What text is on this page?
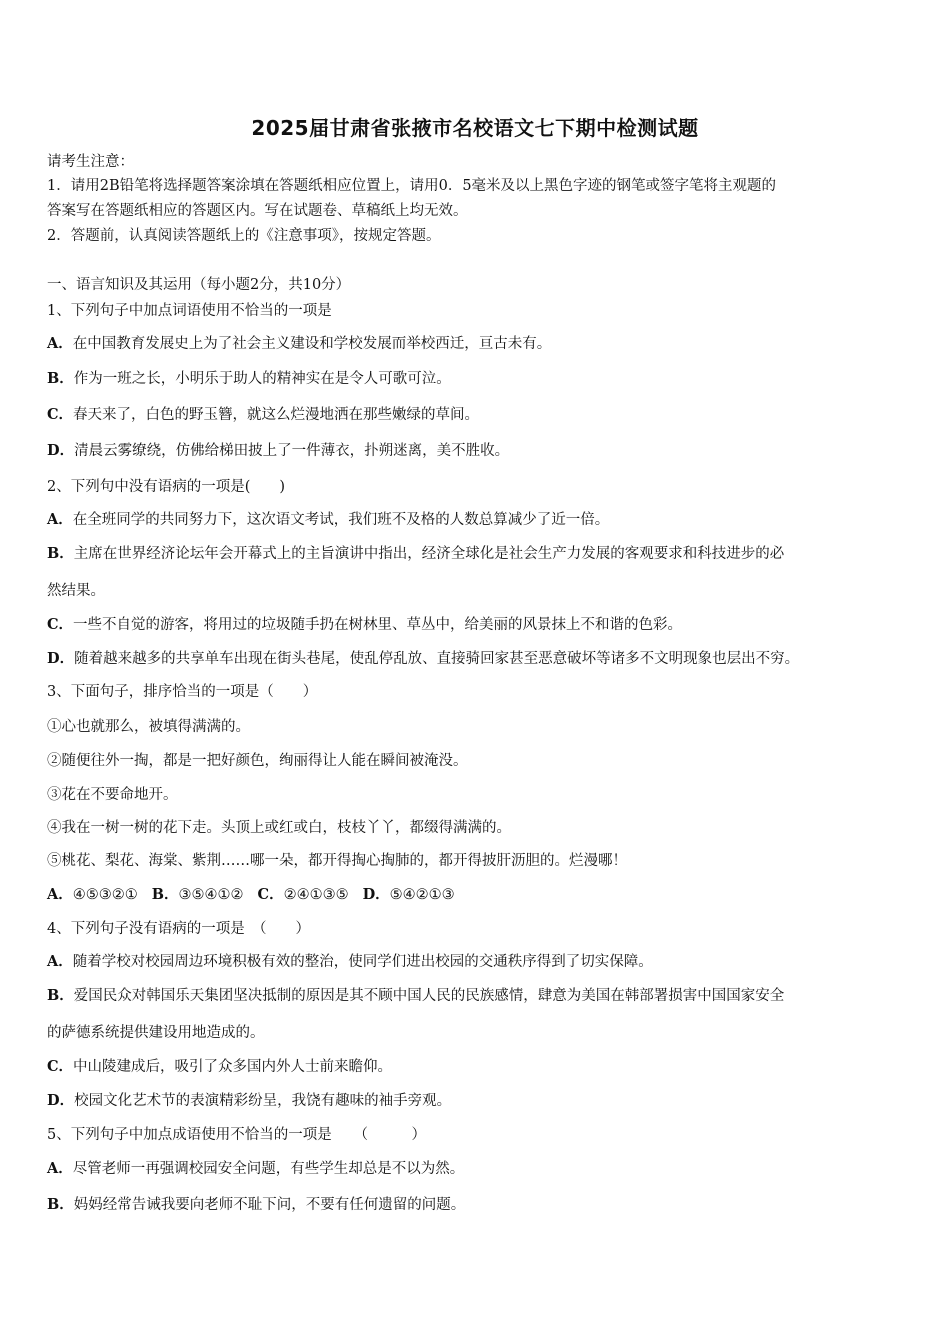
2025届甘肃省张掖市名校语文七下期中检测试题
请考生注意：
1．请用2B铅笔将选择题答案涂填在答题纸相应位置上，请用0．5毫米及以上黑色字迹的钢笔或签字笔将主观题的
答案写在答题纸相应的答题区内。写在试题卷、草稿纸上均无效。
2．答题前，认真阅读答题纸上的《注意事项》，按规定答题。
一、语言知识及其运用（每小题2分，共10分）
1、下列句子中加点词语使用不恰当的一项是
A．在中国教育发展史上为了社会主义建设和学校发展而举校西迁，亘古未有。
B．作为一班之长，小明乐于助人的精神实在是令人可歌可泣。
C．春天来了，白色的野玉簪，就这么烂漫地洒在那些嫩绿的草间。
D．清晨云雾缭绕，仿佛给梯田披上了一件薄衣，扑朔迷离，美不胜收。
2、下列句中没有语病的一项是(　　)
A．在全班同学的共同努力下，这次语文考试，我们班不及格的人数总算减少了近一倍。
B．主席在世界经济论坛年会开幕式上的主旨演讲中指出，经济全球化是社会生产力发展的客观要求和科技进步的必
然结果。
C．一些不自觉的游客，将用过的垃圾随手扔在树林里、草丛中，给美丽的风景抹上不和谐的色彩。
D．随着越来越多的共享单车出现在街头巷尾，使乱停乱放、直接骑回家甚至恶意破坏等诸多不文明现象也层出不穷。
3、下面句子，排序恰当的一项是（　　）
①心也就那么，被填得满满的。
②随便往外一掏，都是一把好颜色，绚丽得让人能在瞬间被淹没。
③花在不要命地开。
④我在一树一树的花下走。头顶上或红或白，枝枝丫丫，都缀得满满的。
⑤桃花、梨花、海棠、紫荆……哪一朵，都开得掏心掏肺的，都开得披肝沥胆的。烂漫哪！
A．④⑤③②① B．③⑤④①② C．②④①③⑤ D．⑤④②①③
4、下列句子没有语病的一项是　（　　）
A．随着学校对校园周边环境积极有效的整治，使同学们进出校园的交通秩序得到了切实保障。
B．爱国民众对韩国乐天集团坚决抵制的原因是其不顾中国人民的民族感情，肆意为美国在韩部署损害中国国家安全
的萨德系统提供建设用地造成的。
C．中山陵建成后，吸引了众多国内外人士前来瞻仰。
D．校园文化艺术节的表演精彩纷呈，我饶有趣味的袖手旁观。
5、下列句子中加点成语使用不恰当的一项是　　（　　　）
A．尽管老师一再强调校园安全问题，有些学生却总是不以为然。
B．妈妈经常告诫我要向老师不耻下问，不要有任何遗留的问题。
